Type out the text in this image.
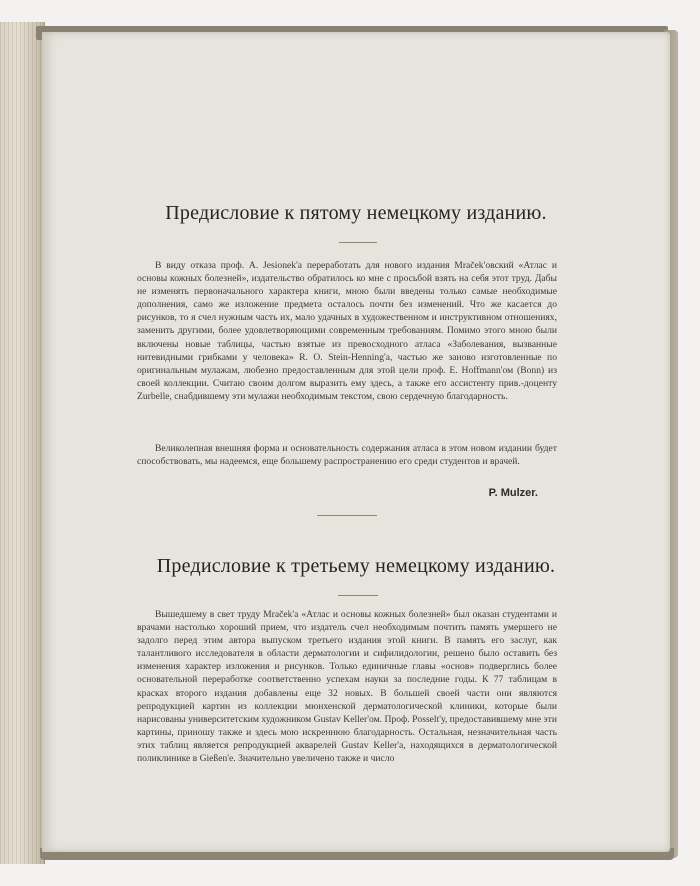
Предисловие к пятому немецкому изданию.

В виду отказа проф. A. Jesionek'а переработать для нового издания Mraček'овский «Атлас и основы кожных болезней», издательство обратилось ко мне с просьбой взять на себя этот труд. Дабы не изменять первоначального характера книги, мною были введены только самые необходимые дополнения, само же изложение предмета осталось почти без изменений. Что же касается до рисунков, то я счел нужным часть их, мало удачных в художественном и инструктивном отношениях, заменить другими, более удовлетворяющими современным требованиям. Помимо этого мною были включены новые таблицы, частью взятые из превосходного атласа «Заболевания, вызванные нитевидными грибками у человека» R. O. Stein-Henning'а, частью же заново изготовленные по оригинальным мулажам, любезно предоставленным для этой цели проф. E. Hoffmann'ом (Bonn) из своей коллекции. Считаю своим долгом выразить ему здесь, а также его ассистенту прив.-доценту Zurbelle, снабдившему эти мулажи необходимым текстом, свою сердечную благодарность.

Великолепная внешняя форма и основательность содержания атласа в этом новом издании будет способствовать, мы надеемся, еще большему распространению его среди студентов и врачей.

P. Mulzer.
Предисловие к третьему немецкому изданию.

Вышедшему в свет труду Mraček'а «Атлас и основы кожных болезней» был оказан студентами и врачами настолько хороший прием, что издатель счел необходимым почтить память умершего не задолго перед этим автора выпуском третьего издания этой книги. В память его заслуг, как талантливого исследователя в области дерматологии и сифилидологии, решено было оставить без изменения характер изложения и рисунков. Только единичные главы «основ» подверглись более основательной переработке соответственно успехам науки за последние годы. К 77 таблицам в красках второго издания добавлены еще 32 новых. В большей своей части они являются репродукцией картин из коллекции мюнхенской дерматологической клиники, которые были нарисованы университетским художником Gustav Keller'ом. Проф. Posselt'у, предоставившему мне эти картины, приношу также и здесь мою искреннюю благодарность. Остальная, незначительная часть этих таблиц является репродукцией акварелей Gustav Keller'а, находящихся в дерматологической поликлинике в Gießen'е. Значительно увеличено также и число
